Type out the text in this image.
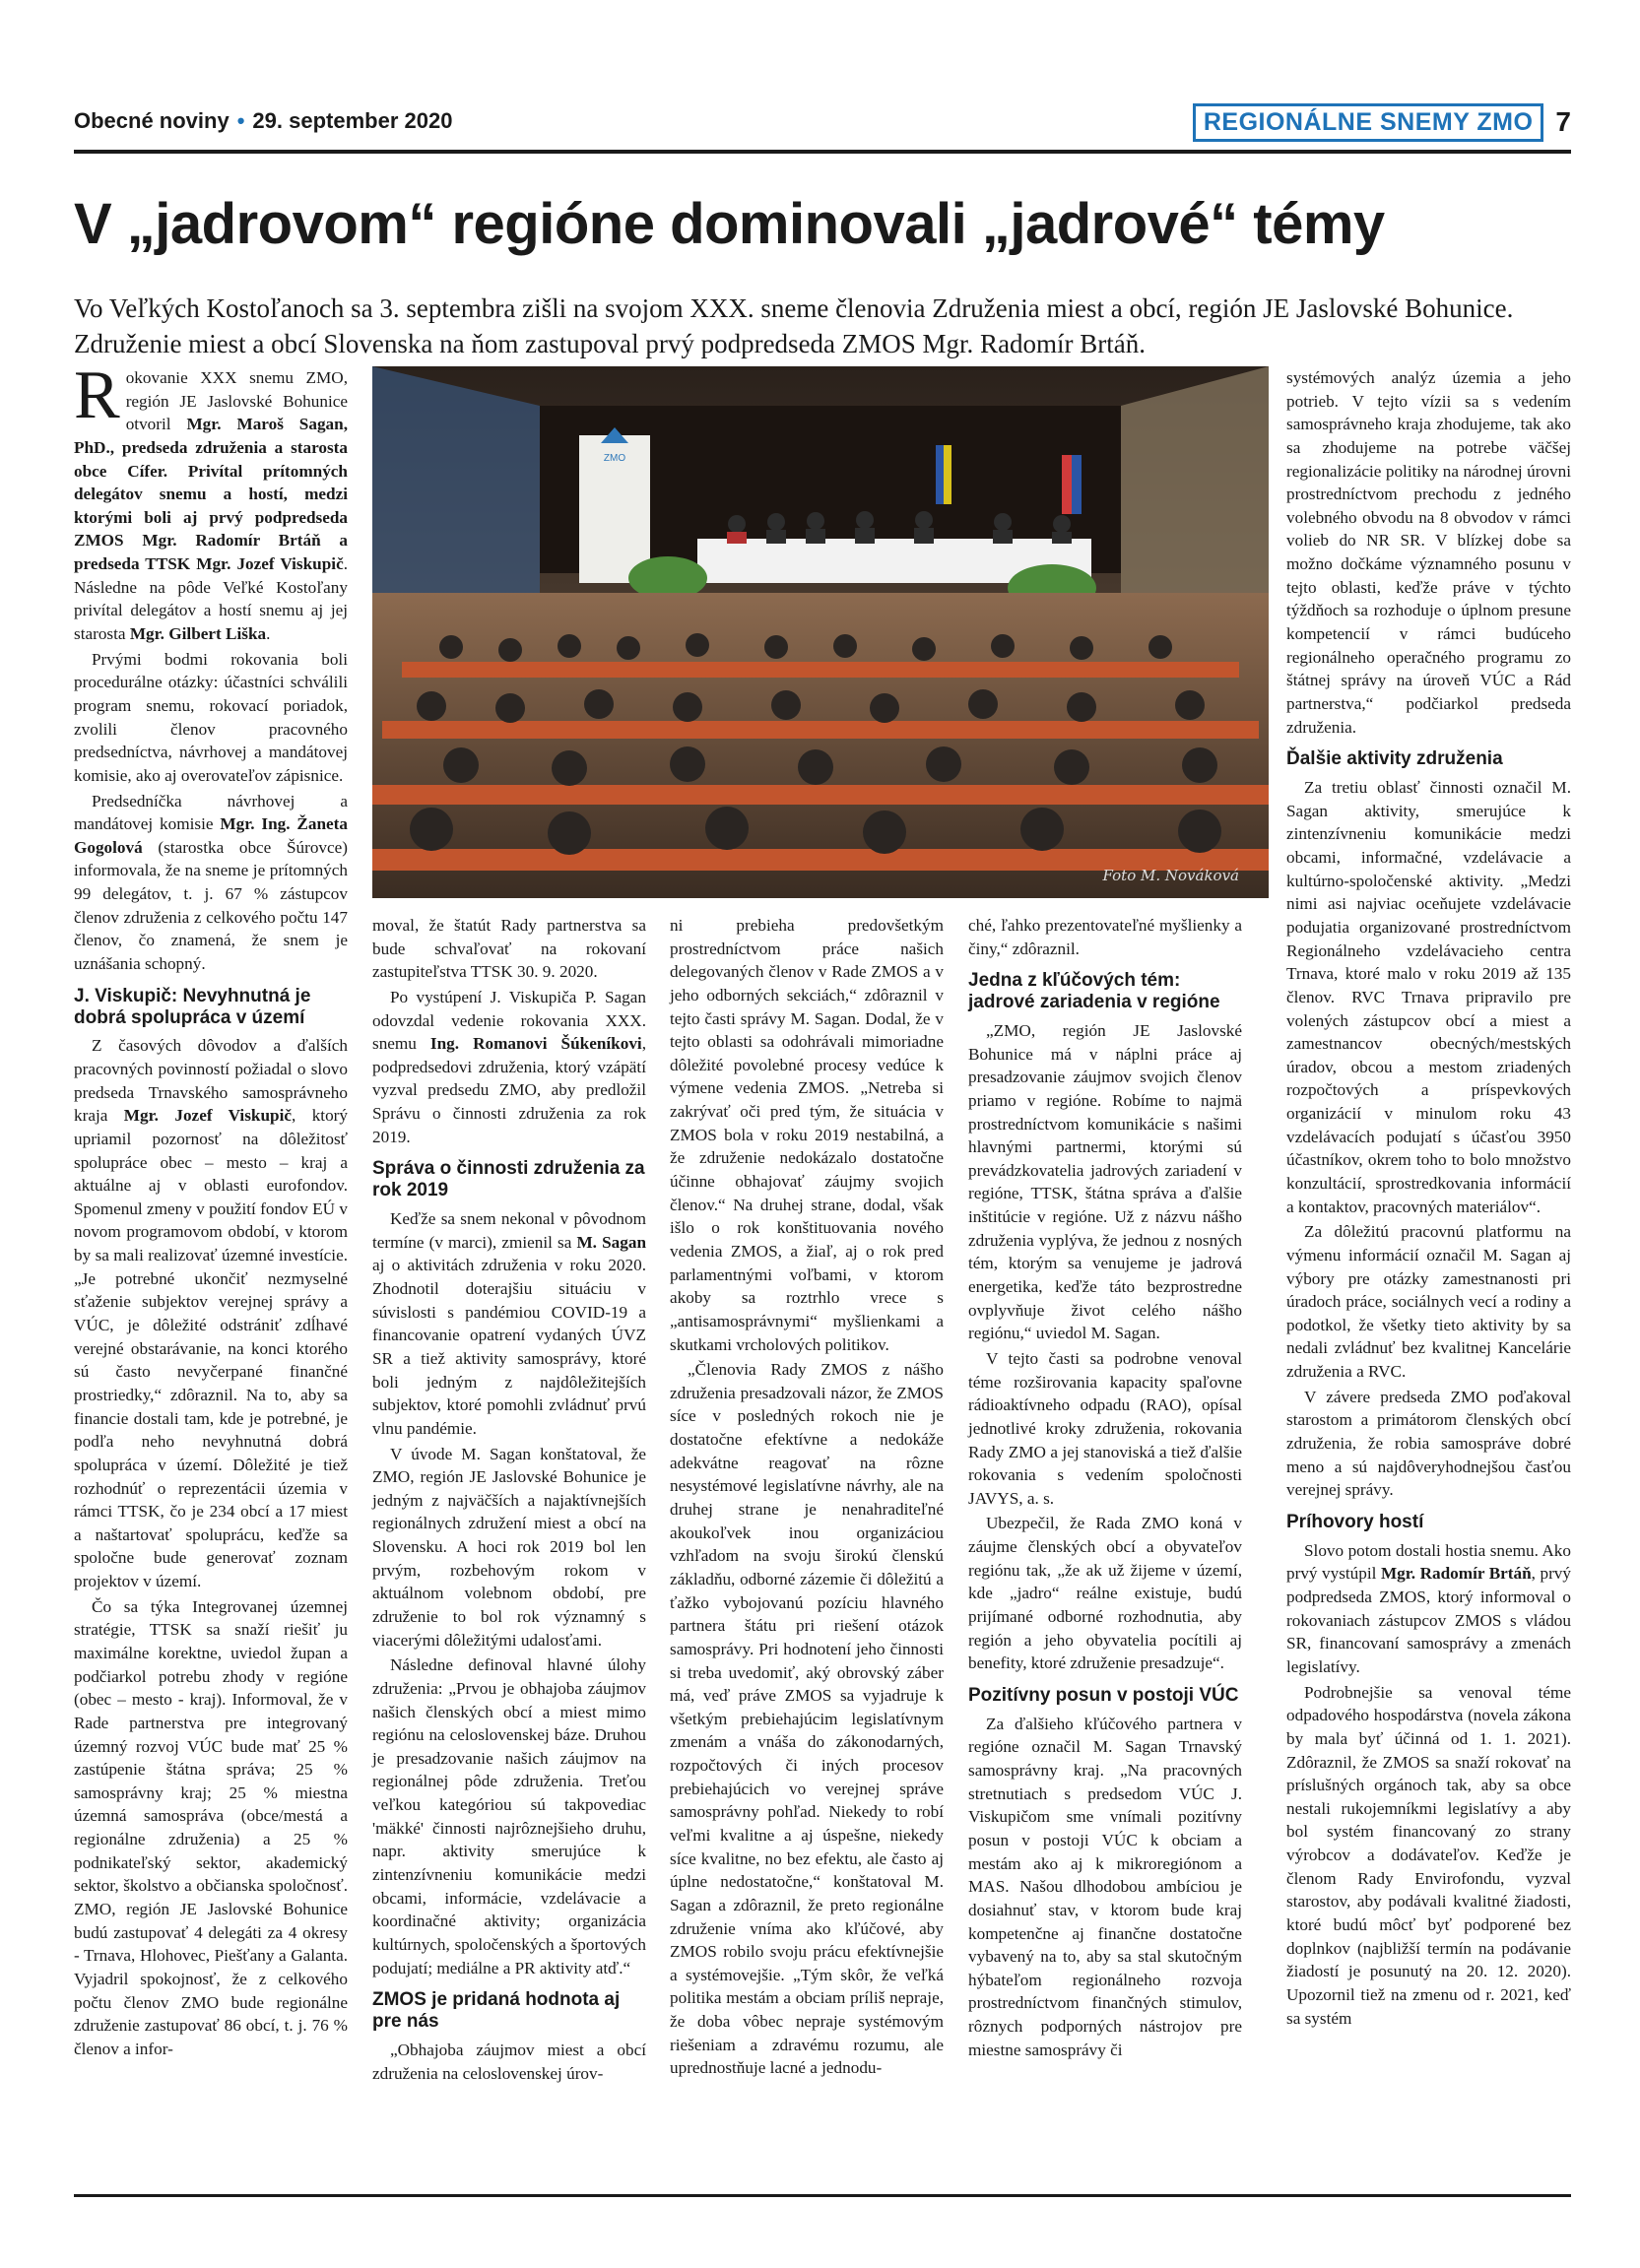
Obecné noviny • 29. september 2020	REGIONÁLNE SNEMY ZMO 7
V „jadrovom“ regióne dominovali „jadrové“ témy
Vo Veľkých Kostoľanoch sa 3. septembra zišli na svojom XXX. sneme členovia Združenia miest a obcí, región JE Jaslovské Bohunice. Združenie miest a obcí Slovenska na ňom zastupoval prvý podpredseda ZMOS Mgr. Radomír Brtáň.
ZMO
Foto M. Nováková

Rokovanie XXX snemu ZMO, región JE Jaslovské Bohunice otvoril Mgr. Maroš Sagan, PhD., predseda združenia a starosta obce Cífer. Privítal prítomných delegátov snemu a hostí, medzi ktorými boli aj prvý podpredseda ZMOS Mgr. Radomír Brtáň a predseda TTSK Mgr. Jozef Viskupič. Následne na pôde Veľké Kostoľany privítal delegátov a hostí snemu aj jej starosta Mgr. Gilbert Liška.

Prvými bodmi rokovania boli procedurálne otázky: účastníci schválili program snemu, rokovací poriadok, zvolili členov pracovného predsedníctva, návrhovej a mandátovej komisie, ako aj overovateľov zápisnice.

Predsedníčka návrhovej a mandátovej komisie Mgr. Ing. Žaneta Gogolová (starostka obce Šúrovce) informovala, že na sneme je prítomných 99 delegátov, t. j. 67 % zástupcov členov združenia z celkového počtu 147 členov, čo znamená, že snem je uznášania schopný.

J. Viskupič: Nevyhnutná je dobrá spolupráca v území

Z časových dôvodov a ďalších pracovných povinností požiadal o slovo predseda Trnavského samosprávneho kraja Mgr. Jozef Viskupič, ktorý upriamil pozornosť na dôležitosť spolupráce obec – mesto – kraj a aktuálne aj v oblasti eurofondov. Spomenul zmeny v použití fondov EÚ v novom programovom období, v ktorom by sa mali realizovať územné investície. „Je potrebné ukončiť nezmyselné sťaženie subjektov verejnej správy a VÚC, je dôležité odstrániť zdĺhavé verejné obstarávanie, na konci ktorého sú často nevyčerpané finančné prostriedky,“ zdôraznil. Na to, aby sa financie dostali tam, kde je potrebné, je podľa neho nevyhnutná dobrá spolupráca v území. Dôležité je tiež rozhodnúť o reprezentácii územia v rámci TTSK, čo je 234 obcí a 17 miest a naštartovať spoluprácu, keďže sa spoločne bude generovať zoznam projektov v území.

Čo sa týka Integrovanej územnej stratégie, TTSK sa snaží riešiť ju maximálne korektne, uviedol župan a podčiarkol potrebu zhody v regióne (obec – mesto - kraj). Informoval, že v Rade partnerstva pre integrovaný územný rozvoj VÚC bude mať 25 % zastúpenie štátna správa; 25 % samosprávny kraj; 25 % miestna územná samospráva (obce/mestá a regionálne združenia) a 25 % podnikateľský sektor, akademický sektor, školstvo a občianska spoločnosť. ZMO, región JE Jaslovské Bohunice budú zastupovať 4 delegáti za 4 okresy - Trnava, Hlohovec, Piešťany a Galanta. Vyjadril spokojnosť, že z celkového počtu členov ZMO bude regionálne združenie zastupovať 86 obcí, t. j. 76 % členov a infor-

moval, že štatút Rady partnerstva sa bude schvaľovať na rokovaní zastupiteľstva TTSK 30. 9. 2020.

Po vystúpení J. Viskupiča P. Sagan odovzdal vedenie rokovania XXX. snemu Ing. Romanovi Šúkeníkovi, podpredsedovi združenia, ktorý vzápätí vyzval predsedu ZMO, aby predložil Správu o činnosti združenia za rok 2019.

Správa o činnosti združenia za rok 2019

Keďže sa snem nekonal v pôvodnom termíne (v marci), zmienil sa M. Sagan aj o aktivitách združenia v roku 2020. Zhodnotil doterajšiu situáciu v súvislosti s pandémiou COVID-19 a financovanie opatrení vydaných ÚVZ SR a tiež aktivity samosprávy, ktoré boli jedným z najdôležitejších subjektov, ktoré pomohli zvládnuť prvú vlnu pandémie.

V úvode M. Sagan konštatoval, že ZMO, región JE Jaslovské Bohunice je jedným z najväčších a najaktívnejších regionálnych združení miest a obcí na Slovensku. A hoci rok 2019 bol len prvým, rozbehovým rokom v aktuálnom volebnom období, pre združenie to bol rok významný s viacerými dôležitými udalosťami.

Následne definoval hlavné úlohy združenia: „Prvou je obhajoba záujmov našich členských obcí a miest mimo regiónu na celoslovenskej báze. Druhou je presadzovanie našich záujmov na regionálnej pôde združenia. Treťou veľkou kategóriou sú takpovediac 'mäkké' činnosti najrôznejšieho druhu, napr. aktivity smerujúce k zintenzívneniu komunikácie medzi obcami, informácie, vzdelávacie a koordinačné aktivity; organizácia kultúrnych, spoločenských a športových podujatí; mediálne a PR aktivity atď.“

ZMOS je pridaná hodnota aj pre nás

„Obhajoba záujmov miest a obcí združenia na celoslovenskej úrov-

ni prebieha predovšetkým prostredníctvom práce našich delegovaných členov v Rade ZMOS a v jeho odborných sekciách,“ zdôraznil v tejto časti správy M. Sagan. Dodal, že v tejto oblasti sa odohrávali mimoriadne dôležité povolebné procesy vedúce k výmene vedenia ZMOS. „Netreba si zakrývať oči pred tým, že situácia v ZMOS bola v roku 2019 nestabilná, a že združenie nedokázalo dostatočne účinne obhajovať záujmy svojich členov.“ Na druhej strane, dodal, však išlo o rok konštituovania nového vedenia ZMOS, a žiaľ, aj o rok pred parlamentnými voľbami, v ktorom akoby sa roztrhlo vrece s „antisamosprávnymi“ myšlienkami a skutkami vrcholových politikov.

„Členovia Rady ZMOS z nášho združenia presadzovali názor, že ZMOS síce v posledných rokoch nie je dostatočne efektívne a nedokáže adekvátne reagovať na rôzne nesystémové legislatívne návrhy, ale na druhej strane je nenahraditeľné akoukoľvek inou organizáciou vzhľadom na svoju širokú členskú základňu, odborné zázemie či dôležitú a ťažko vybojovanú pozíciu hlavného partnera štátu pri riešení otázok samosprávy. Pri hodnotení jeho činnosti si treba uvedomiť, aký obrovský záber má, veď práve ZMOS sa vyjadruje k všetkým prebiehajúcim legislatívnym zmenám a vnáša do zákonodarných, rozpočtových či iných procesov prebiehajúcich vo verejnej správe samosprávny pohľad. Niekedy to robí veľmi kvalitne a aj úspešne, niekedy síce kvalitne, no bez efektu, ale často aj úplne nedostatočne,“ konštatoval M. Sagan a zdôraznil, že preto regionálne združenie vníma ako kľúčové, aby ZMOS robilo svoju prácu efektívnejšie a systémovejšie. „Tým skôr, že veľká politika mestám a obciam príliš nepraje, že doba vôbec nepraje systémovým riešeniam a zdravému rozumu, ale uprednostňuje lacné a jednodu-

ché, ľahko prezentovateľné myšlienky a činy,“ zdôraznil.

Jedna z kľúčových tém: jadrové zariadenia v regióne

„ZMO, región JE Jaslovské Bohunice má v náplni práce aj presadzovanie záujmov svojich členov priamo v regióne. Robíme to najmä prostredníctvom komunikácie s našimi hlavnými partnermi, ktorými sú prevádzkovatelia jadrových zariadení v regióne, TTSK, štátna správa a ďalšie inštitúcie v regióne. Už z názvu nášho združenia vyplýva, že jednou z nosných tém, ktorým sa venujeme je jadrová energetika, keďže táto bezprostredne ovplyvňuje život celého nášho regiónu,“ uviedol M. Sagan.

V tejto časti sa podrobne venoval téme rozširovania kapacity spaľovne rádioaktívneho odpadu (RAO), opísal jednotlivé kroky združenia, rokovania Rady ZMO a jej stanoviská a tiež ďalšie rokovania s vedením spoločnosti JAVYS, a. s.

Ubezpečil, že Rada ZMO koná v záujme členských obcí a obyvateľov regiónu tak, „že ak už žijeme v území, kde „jadro“ reálne existuje, budú prijímané odborné rozhodnutia, aby región a jeho obyvatelia pocítili aj benefity, ktoré združenie presadzuje“.

Pozitívny posun v postoji VÚC

Za ďalšieho kľúčového partnera v regióne označil M. Sagan Trnavský samosprávny kraj. „Na pracovných stretnutiach s predsedom VÚC J. Viskupičom sme vnímali pozitívny posun v postoji VÚC k obciam a mestám ako aj k mikroregiónom a MAS. Našou dlhodobou ambíciou je dosiahnuť stav, v ktorom bude kraj kompetenčne aj finančne dostatočne vybavený na to, aby sa stal skutočným hýbateľom regionálneho rozvoja prostredníctvom finančných stimulov, rôznych podporných nástrojov pre miestne samosprávy či

systémových analýz územia a jeho potrieb. V tejto vízii sa s vedením samosprávneho kraja zhodujeme, tak ako sa zhodujeme na potrebe väčšej regionalizácie politiky na národnej úrovni prostredníctvom prechodu z jedného volebného obvodu na 8 obvodov v rámci volieb do NR SR. V blízkej dobe sa možno dočkáme významného posunu v tejto oblasti, keďže práve v týchto týždňoch sa rozhoduje o úplnom presune kompetencií v rámci budúceho regionálneho operačného programu zo štátnej správy na úroveň VÚC a Rád partnerstva,“ podčiarkol predseda združenia.

Ďalšie aktivity združenia

Za tretiu oblasť činnosti označil M. Sagan aktivity, smerujúce k zintenzívneniu komunikácie medzi obcami, informačné, vzdelávacie a kultúrno-spoločenské aktivity. „Medzi nimi asi najviac oceňujete vzdelávacie podujatia organizované prostredníctvom Regionálneho vzdelávacieho centra Trnava, ktoré malo v roku 2019 až 135 členov. RVC Trnava pripravilo pre volených zástupcov obcí a miest a zamestnancov obecných/mestských úradov, obcou a mestom zriadených rozpočtových a príspevkových organizácií v minulom roku 43 vzdelávacích podujatí s účasťou 3950 účastníkov, okrem toho to bolo množstvo konzultácií, sprostredkovania informácií a kontaktov, pracovných materiálov“.

Za dôležitú pracovnú platformu na výmenu informácií označil M. Sagan aj výbory pre otázky zamestnanosti pri úradoch práce, sociálnych vecí a rodiny a podotkol, že všetky tieto aktivity by sa nedali zvládnuť bez kvalitnej Kancelárie združenia a RVC.

V závere predseda ZMO poďakoval starostom a primátorom členských obcí združenia, že robia samospráve dobré meno a sú najdôveryhodnejšou časťou verejnej správy.

Príhovory hostí

Slovo potom dostali hostia snemu. Ako prvý vystúpil Mgr. Radomír Brtáň, prvý podpredseda ZMOS, ktorý informoval o rokovaniach zástupcov ZMOS s vládou SR, financovaní samosprávy a zmenách legislatívy.

Podrobnejšie sa venoval téme odpadového hospodárstva (novela zákona by mala byť účinná od 1. 1. 2021). Zdôraznil, že ZMOS sa snaží rokovať na príslušných orgánoch tak, aby sa obce nestali rukojemníkmi legislatívy a aby bol systém financovaný zo strany výrobcov a dodávateľov. Keďže je členom Rady Envirofondu, vyzval starostov, aby podávali kvalitné žiadosti, ktoré budú môcť byť podporené bez doplnkov (najbližší termín na podávanie žiadostí je posunutý na 20. 12. 2020). Upozornil tiež na zmenu od r. 2021, keď sa systém
